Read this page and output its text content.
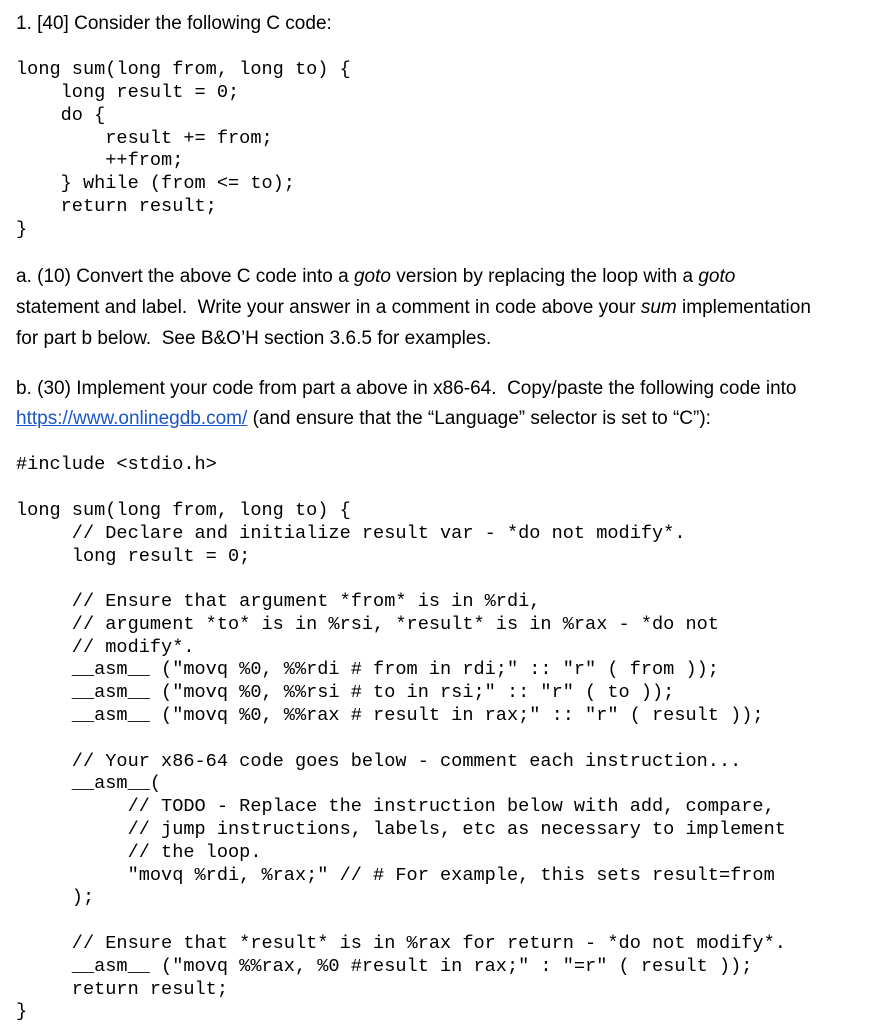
1. [40] Consider the following C code:
long sum(long from, long to) {
long result = 0;
do {
result += from;
++from;
} while (from <= to);
return result;
}
a. (10) Convert the above C code into a goto version by replacing the loop with a goto
statement and label.  Write your answer in a comment in code above your sum implementation
for part b below.  See B&O’H section 3.6.5 for examples.
b. (30) Implement your code from part a above in x86-64.  Copy/paste the following code into
https://www.onlinegdb.com/ (and ensure that the “Language” selector is set to “C”):
#include <stdio.h>
long sum(long from, long to) {
// Declare and initialize result var - *do not modify*.
long result = 0;
// Ensure that argument *from* is in %rdi,
// argument *to* is in %rsi, *result* is in %rax - *do not
// modify*.
__asm__ ("movq %0, %%rdi # from in rdi;" :: "r" ( from ));
__asm__ ("movq %0, %%rsi # to in rsi;" :: "r" ( to ));
__asm__ ("movq %0, %%rax # result in rax;" :: "r" ( result ));
// Your x86-64 code goes below - comment each instruction...
__asm__(
// TODO - Replace the instruction below with add, compare,
// jump instructions, labels, etc as necessary to implement
// the loop.
"movq %rdi, %rax;" // # For example, this sets result=from
);
// Ensure that *result* is in %rax for return - *do not modify*.
__asm__ ("movq %%rax, %0 #result in rax;" : "=r" ( result ));
return result;
}
